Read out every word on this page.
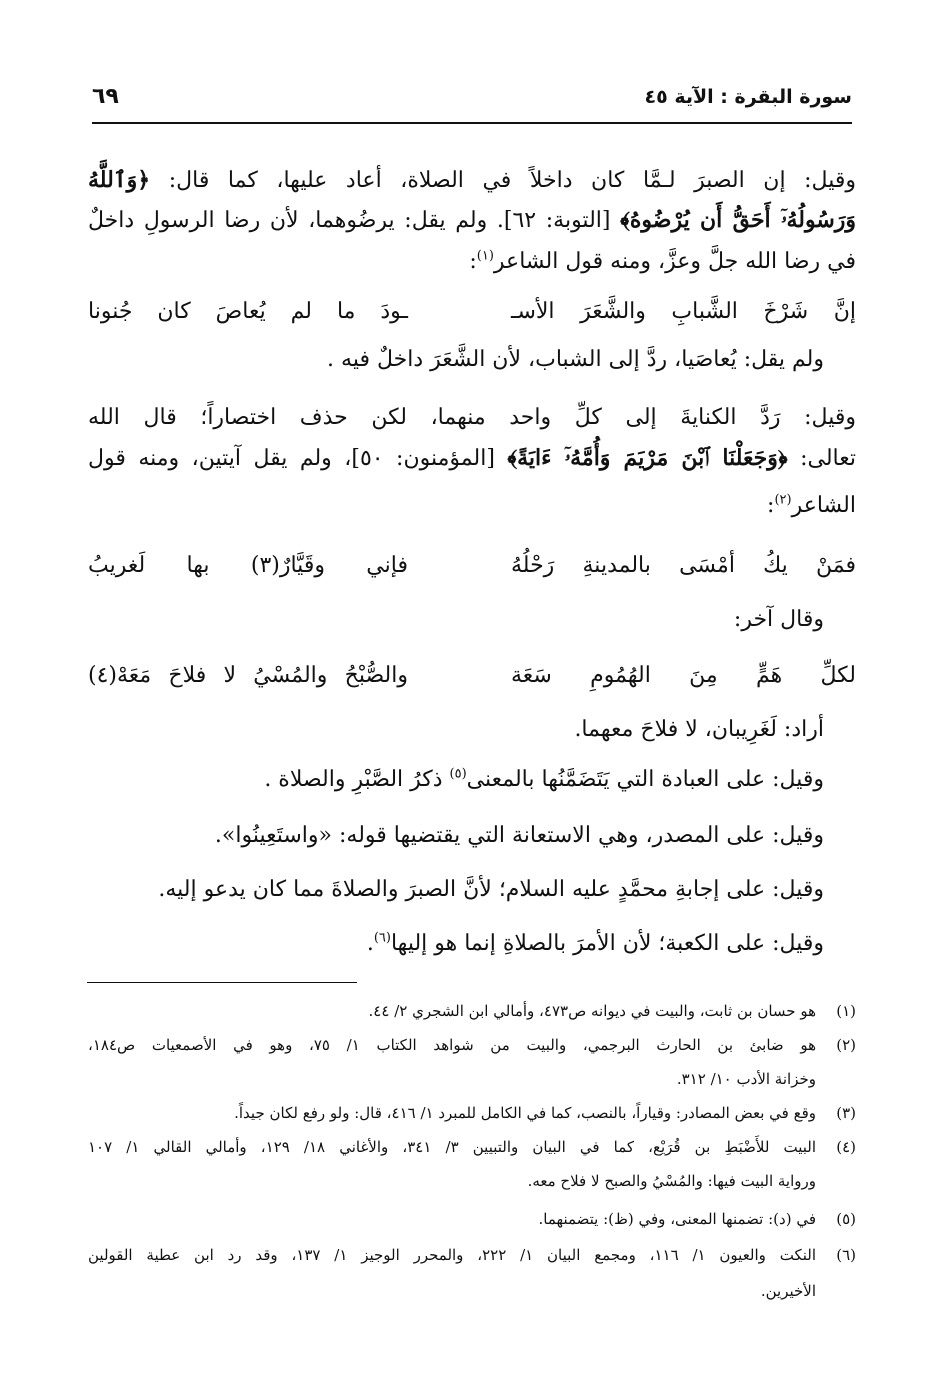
سورة البقرة : الآية ٤٥
٦٩
وقيل: إن الصبرَ لـمَّا كان داخلاً في الصلاة، أعاد عليها، كما قال: ﴿وَٱللَّهُ
وَرَسُولُهُۥٓ أَحَقُّ أَن يُرْضُوهُ﴾ [التوبة: ٦٢]. ولم يقل: يرضُوهما، لأن رضا الرسولِ داخلٌ
في رضا الله جلَّ وعزَّ، ومنه قول الشاعر$^{(١)}$:
إنَّ شَرْخَ الشَّبابِ والشَّعَرَ الأسـ
ـودَ ما لم يُعاصَ كان جُنونا
ولم يقل: يُعاصَيا، ردَّ إلى الشباب، لأن الشَّعَرَ داخلٌ فيه .
وقيل: رَدَّ الكنايةَ إلى كلِّ واحد منهما، لكن حذف اختصاراً؛ قال الله
تعالى: ﴿وَجَعَلْنَا ٱبْنَ مَرْيَمَ وَأُمَّهُۥٓ ءَايَةً﴾ [المؤمنون: ٥٠]، ولم يقل آيتين، ومنه قول
الشاعر$^{(٢)}$:
فمَنْ يكُ أمْسَى بالمدينةِ رَحْلُهُ
فإني وقَيَّارٌ(٣) بها لَغريبُ
وقال آخر:
لكلِّ هَمٍّ مِنَ الهُمُومِ سَعَة
والصُّبْحُ والمُسْيُ لا فلاحَ مَعَهْ(٤)
أراد: لَغَرِيبان، لا فلاحَ معهما.
وقيل: على العبادة التي يَتَضَمَّنُها بالمعنى$^{(٥)}$ ذكرُ الصَّبْرِ والصلاة .
وقيل: على المصدر، وهي الاستعانة التي يقتضيها قوله: «واستَعِينُوا».
وقيل: على إجابةِ محمَّدٍ عليه السلام؛ لأنَّ الصبرَ والصلاةَ مما كان يدعو إليه.
وقيل: على الكعبة؛ لأن الأمرَ بالصلاةِ إنما هو إليها$^{(٦)}$.
(١)
هو حسان بن ثابت، والبيت في ديوانه ص٤٧٣، وأمالي ابن الشجري ٢/ ٤٤.
(٢)
هو ضابئ بن الحارث البرجمي، والبيت من شواهد الكتاب ١/ ٧٥، وهو في الأصمعيات ص١٨٤،
وخزانة الأدب ١٠/ ٣١٢.
(٣)
وقع في بعض المصادر: وقياراً، بالنصب، كما في الكامل للمبرد ١/ ٤١٦، قال: ولو رفع لكان جيداً.
(٤)
البيت للأَضْبَطِ بن قُرَيْع، كما في البيان والتبيين ٣/ ٣٤١، والأغاني ١٨/ ١٢٩، وأمالي القالي ١/ ١٠٧
ورواية البيت فيها: والمُسْيُ والصبح لا فلاح معه.
(٥)
في (د): تضمنها المعنى، وفي (ظ): يتضمنهما.
(٦)
النكت والعيون ١/ ١١٦، ومجمع البيان ١/ ٢٢٢، والمحرر الوجيز ١/ ١٣٧، وقد رد ابن عطية القولين
الأخيرين.
